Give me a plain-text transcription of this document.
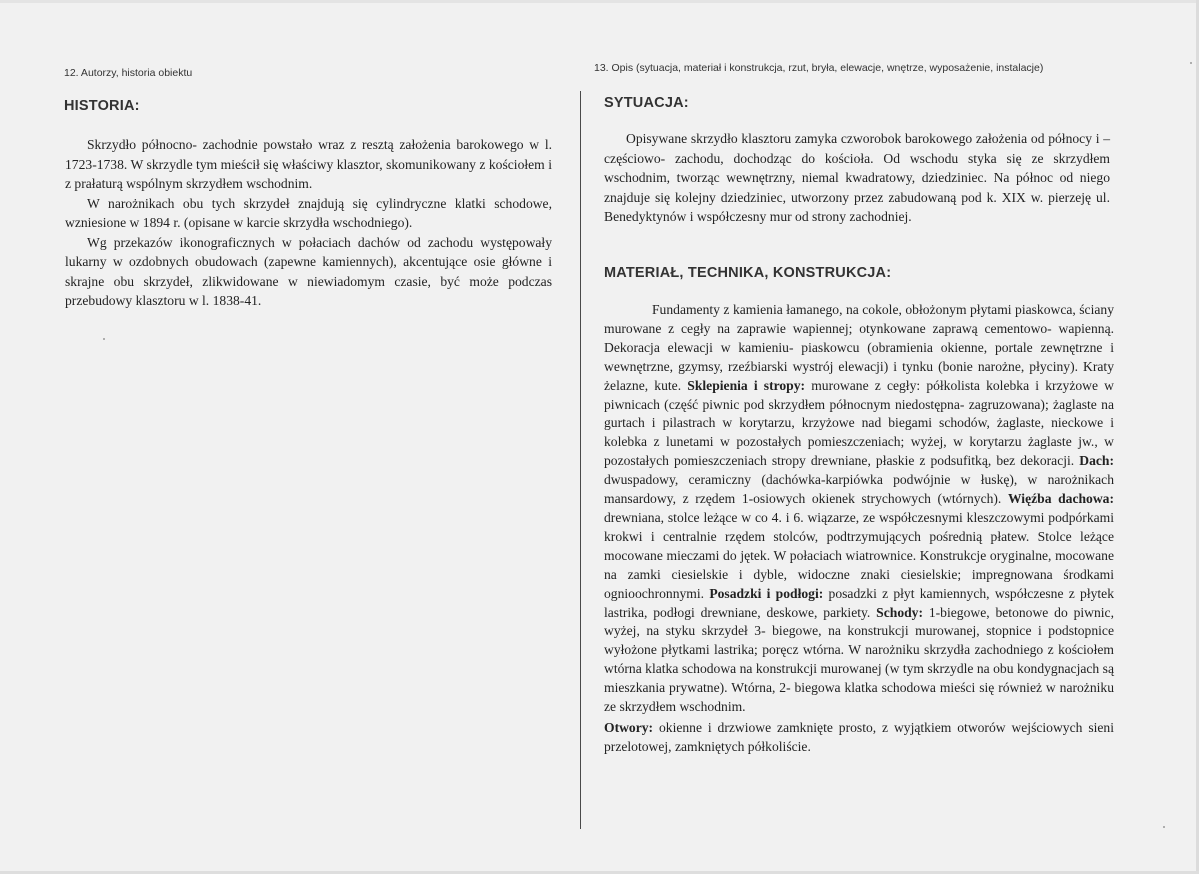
12. Autorzy, historia obiektu
HISTORIA:

Skrzydło północno- zachodnie powstało wraz z resztą założenia barokowego w l. 1723-1738. W skrzydle tym mieścił się właściwy klasztor, skomunikowany z kościołem i z prałaturą wspólnym skrzydłem wschodnim.

W narożnikach obu tych skrzydeł znajdują się cylindryczne klatki schodowe, wzniesione w 1894 r. (opisane w karcie skrzydła wschodniego).

Wg przekazów ikonograficznych w połaciach dachów od zachodu występowały lukarny w ozdobnych obudowach (zapewne kamiennych), akcentujące osie główne i skrajne obu skrzydeł, zlikwidowane w niewiadomym czasie, być może podczas przebudowy klasztoru w l. 1838-41.

13. Opis (sytuacja, materiał i konstrukcja, rzut, bryła, elewacje, wnętrze, wyposażenie, instalacje)
SYTUACJA:

Opisywane skrzydło klasztoru zamyka czworobok barokowego założenia od północy i – częściowo- zachodu, dochodząc do kościoła. Od wschodu styka się ze skrzydłem wschodnim, tworząc wewnętrzny, niemal kwadratowy, dziedziniec. Na północ od niego znajduje się kolejny dziedziniec, utworzony przez zabudowaną pod k. XIX w. pierzeję ul. Benedyktynów i współczesny mur od strony zachodniej.

MATERIAŁ, TECHNIKA, KONSTRUKCJA:

Fundamenty z kamienia łamanego, na cokole, obłożonym płytami piaskowca, ściany murowane z cegły na zaprawie wapiennej; otynkowane zaprawą cementowo- wapienną. Dekoracja elewacji w kamieniu- piaskowcu (obramienia okienne, portale zewnętrzne i wewnętrzne, gzymsy, rzeźbiarski wystrój elewacji) i tynku (bonie narożne, płyciny). Kraty żelazne, kute. Sklepienia i stropy: murowane z cegły: półkolista kolebka i krzyżowe w piwnicach (część piwnic pod skrzydłem północnym niedostępna- zagruzowana); żaglaste na gurtach i pilastrach w korytarzu, krzyżowe nad biegami schodów, żaglaste, nieckowe i kolebka z lunetami w pozostałych pomieszczeniach; wyżej, w korytarzu żaglaste jw., w pozostałych pomieszczeniach stropy drewniane, płaskie z podsufitką, bez dekoracji. Dach: dwuspadowy, ceramiczny (dachówka-karpiówka podwójnie w łuskę), w narożnikach mansardowy, z rzędem 1-osiowych okienek strychowych (wtórnych). Więźba dachowa: drewniana, stolce leżące w co 4. i 6. wiązarze, ze współczesnymi kleszczowymi podpórkami krokwi i centralnie rzędem stolców, podtrzymujących pośrednią płatew. Stolce leżące mocowane mieczami do jętek. W połaciach wiatrownice. Konstrukcje oryginalne, mocowane na zamki ciesielskie i dyble, widoczne znaki ciesielskie; impregnowana środkami ognioochronnymi. Posadzki i podłogi: posadzki z płyt kamiennych, współczesne z płytek lastrika, podłogi drewniane, deskowe, parkiety. Schody: 1-biegowe, betonowe do piwnic, wyżej, na styku skrzydeł 3- biegowe, na konstrukcji murowanej, stopnice i podstopnice wyłożone płytkami lastrika; poręcz wtórna. W narożniku skrzydła zachodniego z kościołem wtórna klatka schodowa na konstrukcji murowanej (w tym skrzydle na obu kondygnacjach są mieszkania prywatne). Wtórna, 2- biegowa klatka schodowa mieści się również w narożniku ze skrzydłem wschodnim.

Otwory: okienne i drzwiowe zamknięte prosto, z wyjątkiem otworów wejściowych sieni przelotowej, zamkniętych półkoliście.
